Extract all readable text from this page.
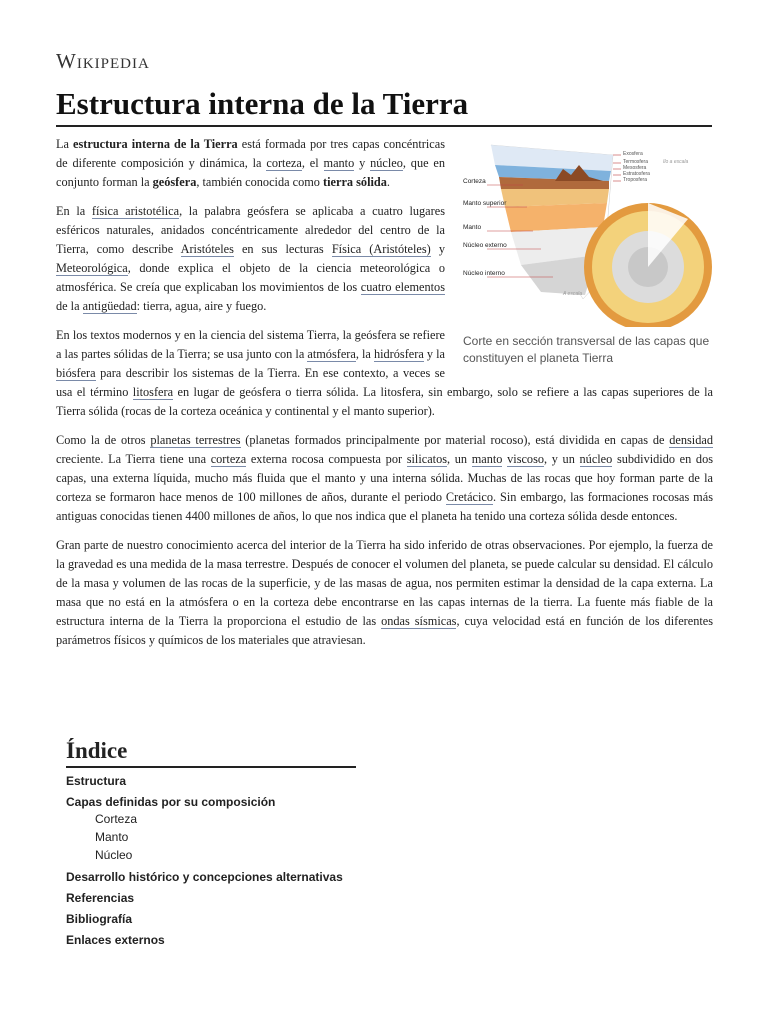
Wikipedia
Estructura interna de la Tierra
Corteza
Manto superior
Manto
Núcleo externo
Núcleo interno
Exosfera
Termosfera
Mesosfera
Estratosfera
Troposfera
Ilo a escala
A escala
Corte en sección transversal de las capas que constituyen el planeta Tierra

La estructura interna de la Tierra está formada por tres capas concéntricas de diferente composición y dinámica, la corteza, el manto y núcleo, que en conjunto forman la geósfera, también conocida como tierra sólida.

En la física aristotélica, la palabra geósfera se aplicaba a cuatro lugares esféricos naturales, anidados concéntricamente alrededor del centro de la Tierra, como describe Aristóteles en sus lecturas Física (Aristóteles) y Meteorológica, donde explica el objeto de la ciencia meteorológica o atmosférica. Se creía que explicaban los movimientos de los cuatro elementos de la antigüedad: tierra, agua, aire y fuego.

En los textos modernos y en la ciencia del sistema Tierra, la geósfera se refiere a las partes sólidas de la Tierra; se usa junto con la atmósfera, la hidrósfera y la biósfera para describir los sistemas de la Tierra. En ese contexto, a veces se usa el término litosfera en lugar de geósfera o tierra sólida. La litosfera, sin embargo, solo se refiere a las capas superiores de la Tierra sólida (rocas de la corteza oceánica y continental y el manto superior).

Como la de otros planetas terrestres (planetas formados principalmente por material rocoso), está dividida en capas de densidad creciente. La Tierra tiene una corteza externa rocosa compuesta por silicatos, un manto viscoso, y un núcleo subdividido en dos capas, una externa líquida, mucho más fluida que el manto y una interna sólida. Muchas de las rocas que hoy forman parte de la corteza se formaron hace menos de 100 millones de años, durante el periodo Cretácico. Sin embargo, las formaciones rocosas más antiguas conocidas tienen 4400 millones de años, lo que nos indica que el planeta ha tenido una corteza sólida desde entonces.

Gran parte de nuestro conocimiento acerca del interior de la Tierra ha sido inferido de otras observaciones. Por ejemplo, la fuerza de la gravedad es una medida de la masa terrestre. Después de conocer el volumen del planeta, se puede calcular su densidad. El cálculo de la masa y volumen de las rocas de la superficie, y de las masas de agua, nos permiten estimar la densidad de la capa externa. La masa que no está en la atmósfera o en la corteza debe encontrarse en las capas internas de la tierra. La fuente más fiable de la estructura interna de la Tierra la proporciona el estudio de las ondas sísmicas, cuya velocidad está en función de los diferentes parámetros físicos y químicos de los materiales que atraviesan.

Índice
Estructura
Capas definidas por su composición
Corteza
Manto
Núcleo
Desarrollo histórico y concepciones alternativas
Referencias
Bibliografía
Enlaces externos
